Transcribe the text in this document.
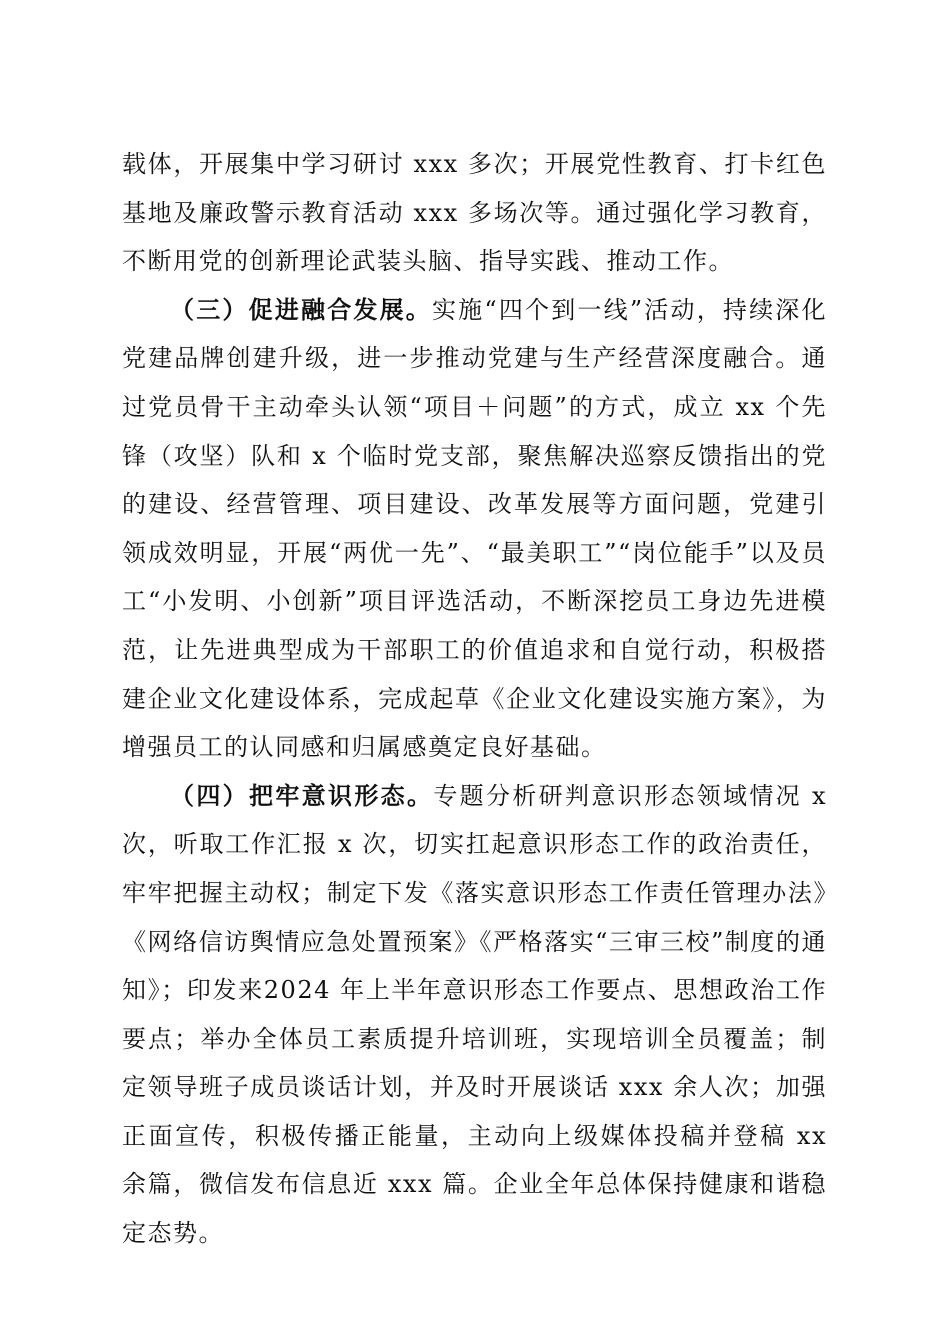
载体，开展集中学习研讨 xxx 多次；开展党性教育、打卡红色基地及廉政警示教育活动 xxx 多场次等。通过强化学习教育，不断用党的创新理论武装头脑、指导实践、推动工作。

（三）促进融合发展。实施“四个到一线”活动，持续深化党建品牌创建升级，进一步推动党建与生产经营深度融合。通过党员骨干主动牵头认领“项目＋问题”的方式，成立 xx 个先锋（攻坚）队和 x 个临时党支部，聚焦解决巡察反馈指出的党的建设、经营管理、项目建设、改革发展等方面问题，党建引领成效明显，开展“两优一先”、“最美职工”“岗位能手”以及员工“小发明、小创新”项目评选活动，不断深挖员工身边先进模范，让先进典型成为干部职工的价值追求和自觉行动，积极搭建企业文化建设体系，完成起草《企业文化建设实施方案》，为增强员工的认同感和归属感奠定良好基础。

（四）把牢意识形态。专题分析研判意识形态领域情况 x 次，听取工作汇报 x 次，切实扛起意识形态工作的政治责任，牢牢把握主动权；制定下发《落实意识形态工作责任管理办法》《网络信访舆情应急处置预案》《严格落实“三审三校”制度的通知》；印发来2024 年上半年意识形态工作要点、思想政治工作要点；举办全体员工素质提升培训班，实现培训全员覆盖；制定领导班子成员谈话计划，并及时开展谈话 xxx 余人次；加强正面宣传，积极传播正能量，主动向上级媒体投稿并登稿 xx 余篇，微信发布信息近 xxx 篇。企业全年总体保持健康和谐稳定态势。
